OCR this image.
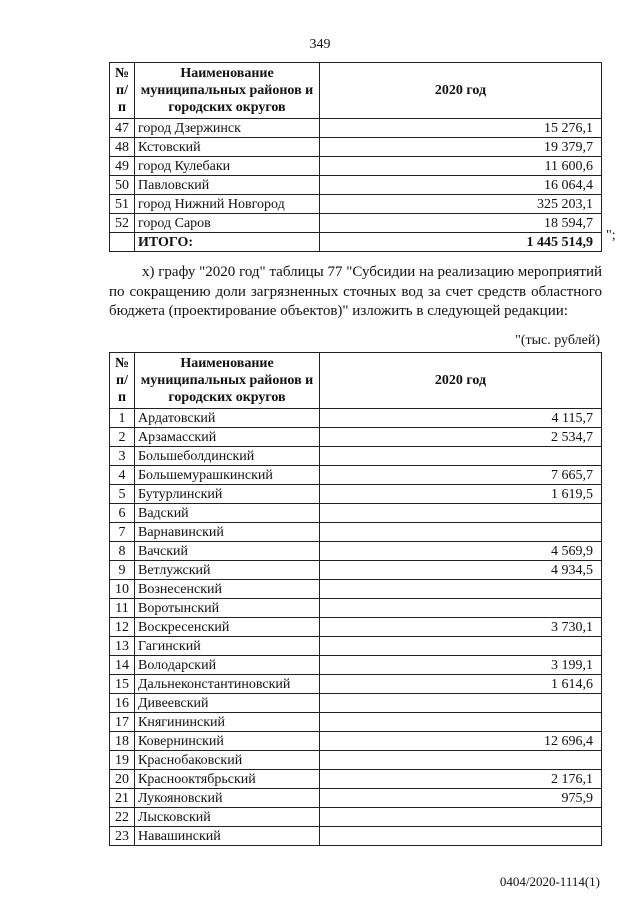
349
№ п/п	Наименование муниципальных районов и городских округов	2020 год
47	город Дзержинск	15 276,1
48	Кстовский	19 379,7
49	город Кулебаки	11 600,6
50	Павловский	16 064,4
51	город Нижний Новгород	325 203,1
52	город Саров	18 594,7
	ИТОГО:	1 445 514,9 ";
х) графу "2020 год" таблицы 77 "Субсидии на реализацию мероприятий по сокращению доли загрязненных сточных вод за счет средств областного бюджета (проектирование объектов)" изложить в следующей редакции:
"(тыс. рублей)
№ п/п	Наименование муниципальных районов и городских округов	2020 год
1	Ардатовский	4 115,7
2	Арзамасский	2 534,7
3	Большеболдинский	
4	Большемурашкинский	7 665,7
5	Бутурлинский	1 619,5
6	Вадский	
7	Варнавинский	
8	Вачский	4 569,9
9	Ветлужский	4 934,5
10	Вознесенский	
11	Воротынский	
12	Воскресенский	3 730,1
13	Гагинский	
14	Володарский	3 199,1
15	Дальнеконстантиновский	1 614,6
16	Дивеевский	
17	Княгининский	
18	Ковернинский	12 696,4
19	Краснобаковский	
20	Краснооктябрьский	2 176,1
21	Лукояновский	975,9
22	Лысковский	
23	Навашинский	
0404/2020-1114(1)
